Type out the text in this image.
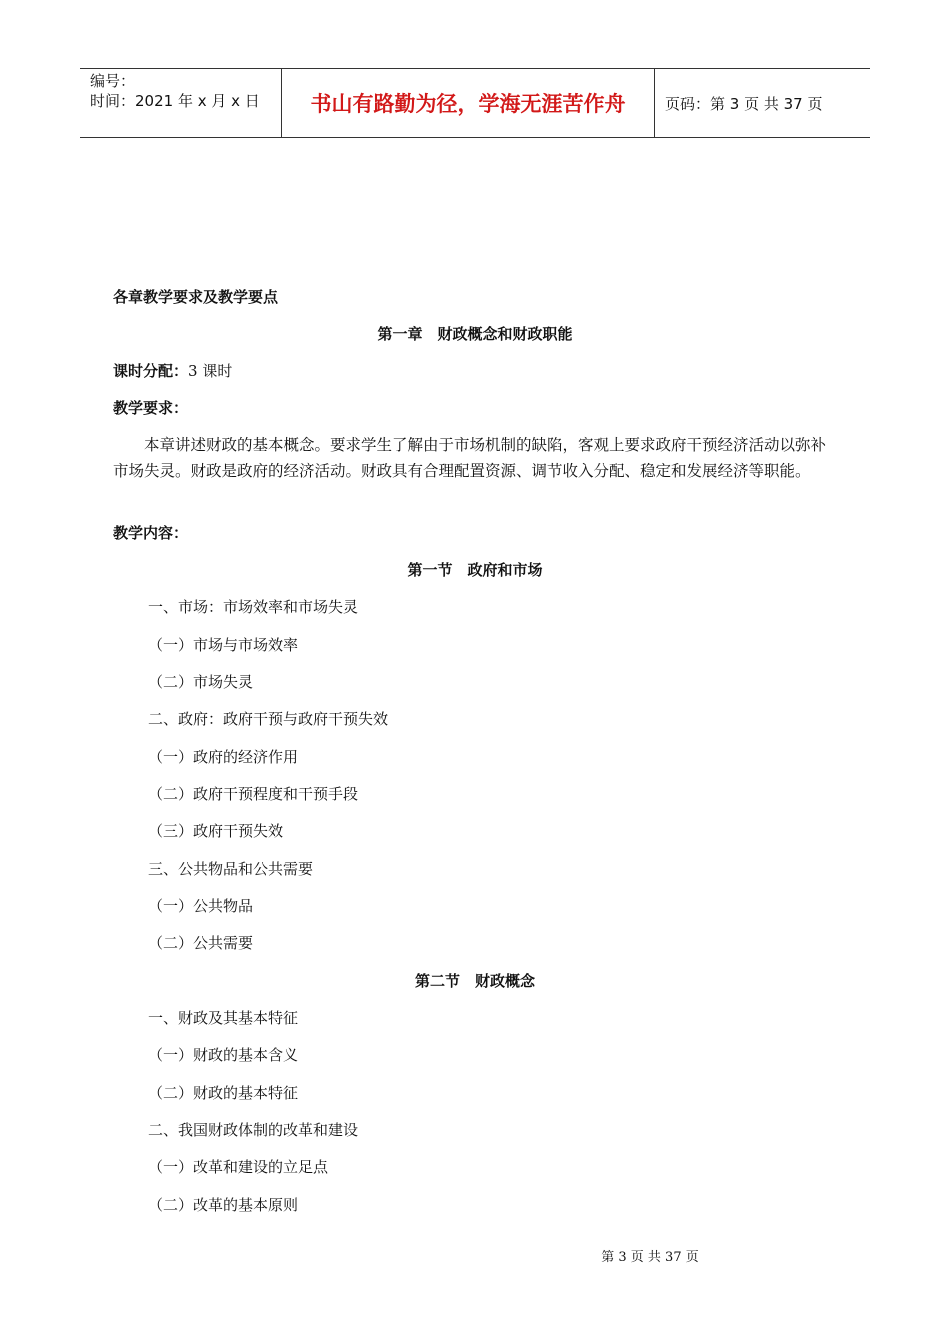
编号：
时间：2021 年 x 月 x 日	书山有路勤为径，学海无涯苦作舟	页码：第 3 页 共 37 页
各章教学要求及教学要点
第一章　财政概念和财政职能
课时分配：3 课时
教学要求：
本章讲述财政的基本概念。要求学生了解由于市场机制的缺陷，客观上要求政府干预经济活动以弥补市场失灵。财政是政府的经济活动。财政具有合理配置资源、调节收入分配、稳定和发展经济等职能。
教学内容：
第一节　政府和市场
一、市场：市场效率和市场失灵
（一）市场与市场效率
（二）市场失灵
二、政府：政府干预与政府干预失效
（一）政府的经济作用
（二）政府干预程度和干预手段
（三）政府干预失效
三、公共物品和公共需要
（一）公共物品
（二）公共需要
第二节　财政概念
一、财政及其基本特征
（一）财政的基本含义
（二）财政的基本特征
二、我国财政体制的改革和建设
（一）改革和建设的立足点
（二）改革的基本原则
第 3 页 共 37 页
